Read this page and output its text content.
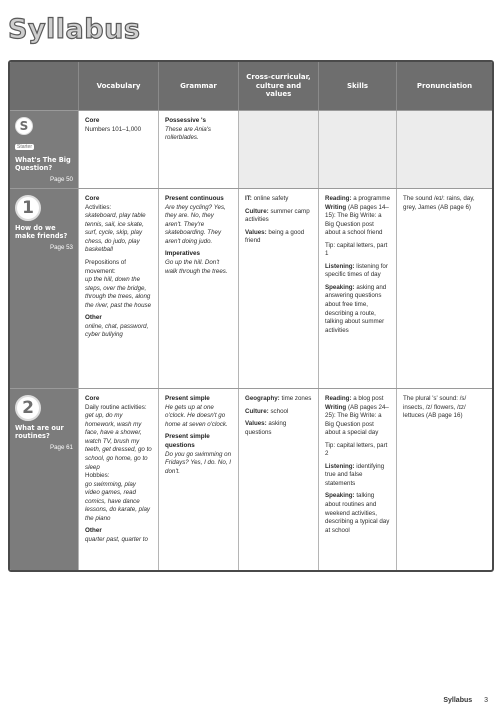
Syllabus
Vocabulary	Grammar
Cross-curricular, culture and values
Skills	Pronunciation
S
Starter
What's The Big Question?
Page 50
Core
Numbers 101–1,000
Possessive 's
These are Ania's rollerblades.
1
How do we make friends?
Page 53
Core
Activities:
skateboard, play table tennis, sail, ice skate, surf, cycle, skip, play chess, do judo, play basketball
Prepositions of movement:
up the hill, down the steps, over the bridge, through the trees, along the river, past the house
Other
online, chat, password, cyber bullying
Present continuous
Are they cycling? Yes, they are. No, they aren't. They're skateboarding. They aren't doing judo.
Imperatives
Go up the hill. Don't walk through the trees.
IT: online safety
Culture: summer camp activities
Values: being a good friend
Reading: a programme
Writing (AB pages 14–15): The Big Write: a Big Question post about a school friend
Tip: capital letters, part 1
Listening: listening for specific times of day
Speaking: asking and answering questions about free time, describing a route, talking about summer activities
The sound /eɪ/: rains, day, grey, James (AB page 6)
2
What are our routines?
Page 61
Core
Daily routine activities:
get up, do my homework, wash my face, have a shower, watch TV, brush my teeth, get dressed, go to school, go home, go to sleep
Hobbies:
go swimming, play video games, read comics, have dance lessons, do karate, play the piano
Other
quarter past, quarter to
Present simple
He gets up at one o'clock. He doesn't go home at seven o'clock.
Present simple questions
Do you go swimming on Fridays? Yes, I do. No, I don't.
Geography: time zones
Culture: school
Values: asking questions
Reading: a blog post
Writing (AB pages 24–25): The Big Write: a Big Question post about a special day
Tip: capital letters, part 2
Listening: identifying true and false statements
Speaking: talking about routines and weekend activities, describing a typical day at school
The plural 's' sound: /s/ insects, /z/ flowers, /ɪz/ lettuces (AB page 16)
Syllabus 3
